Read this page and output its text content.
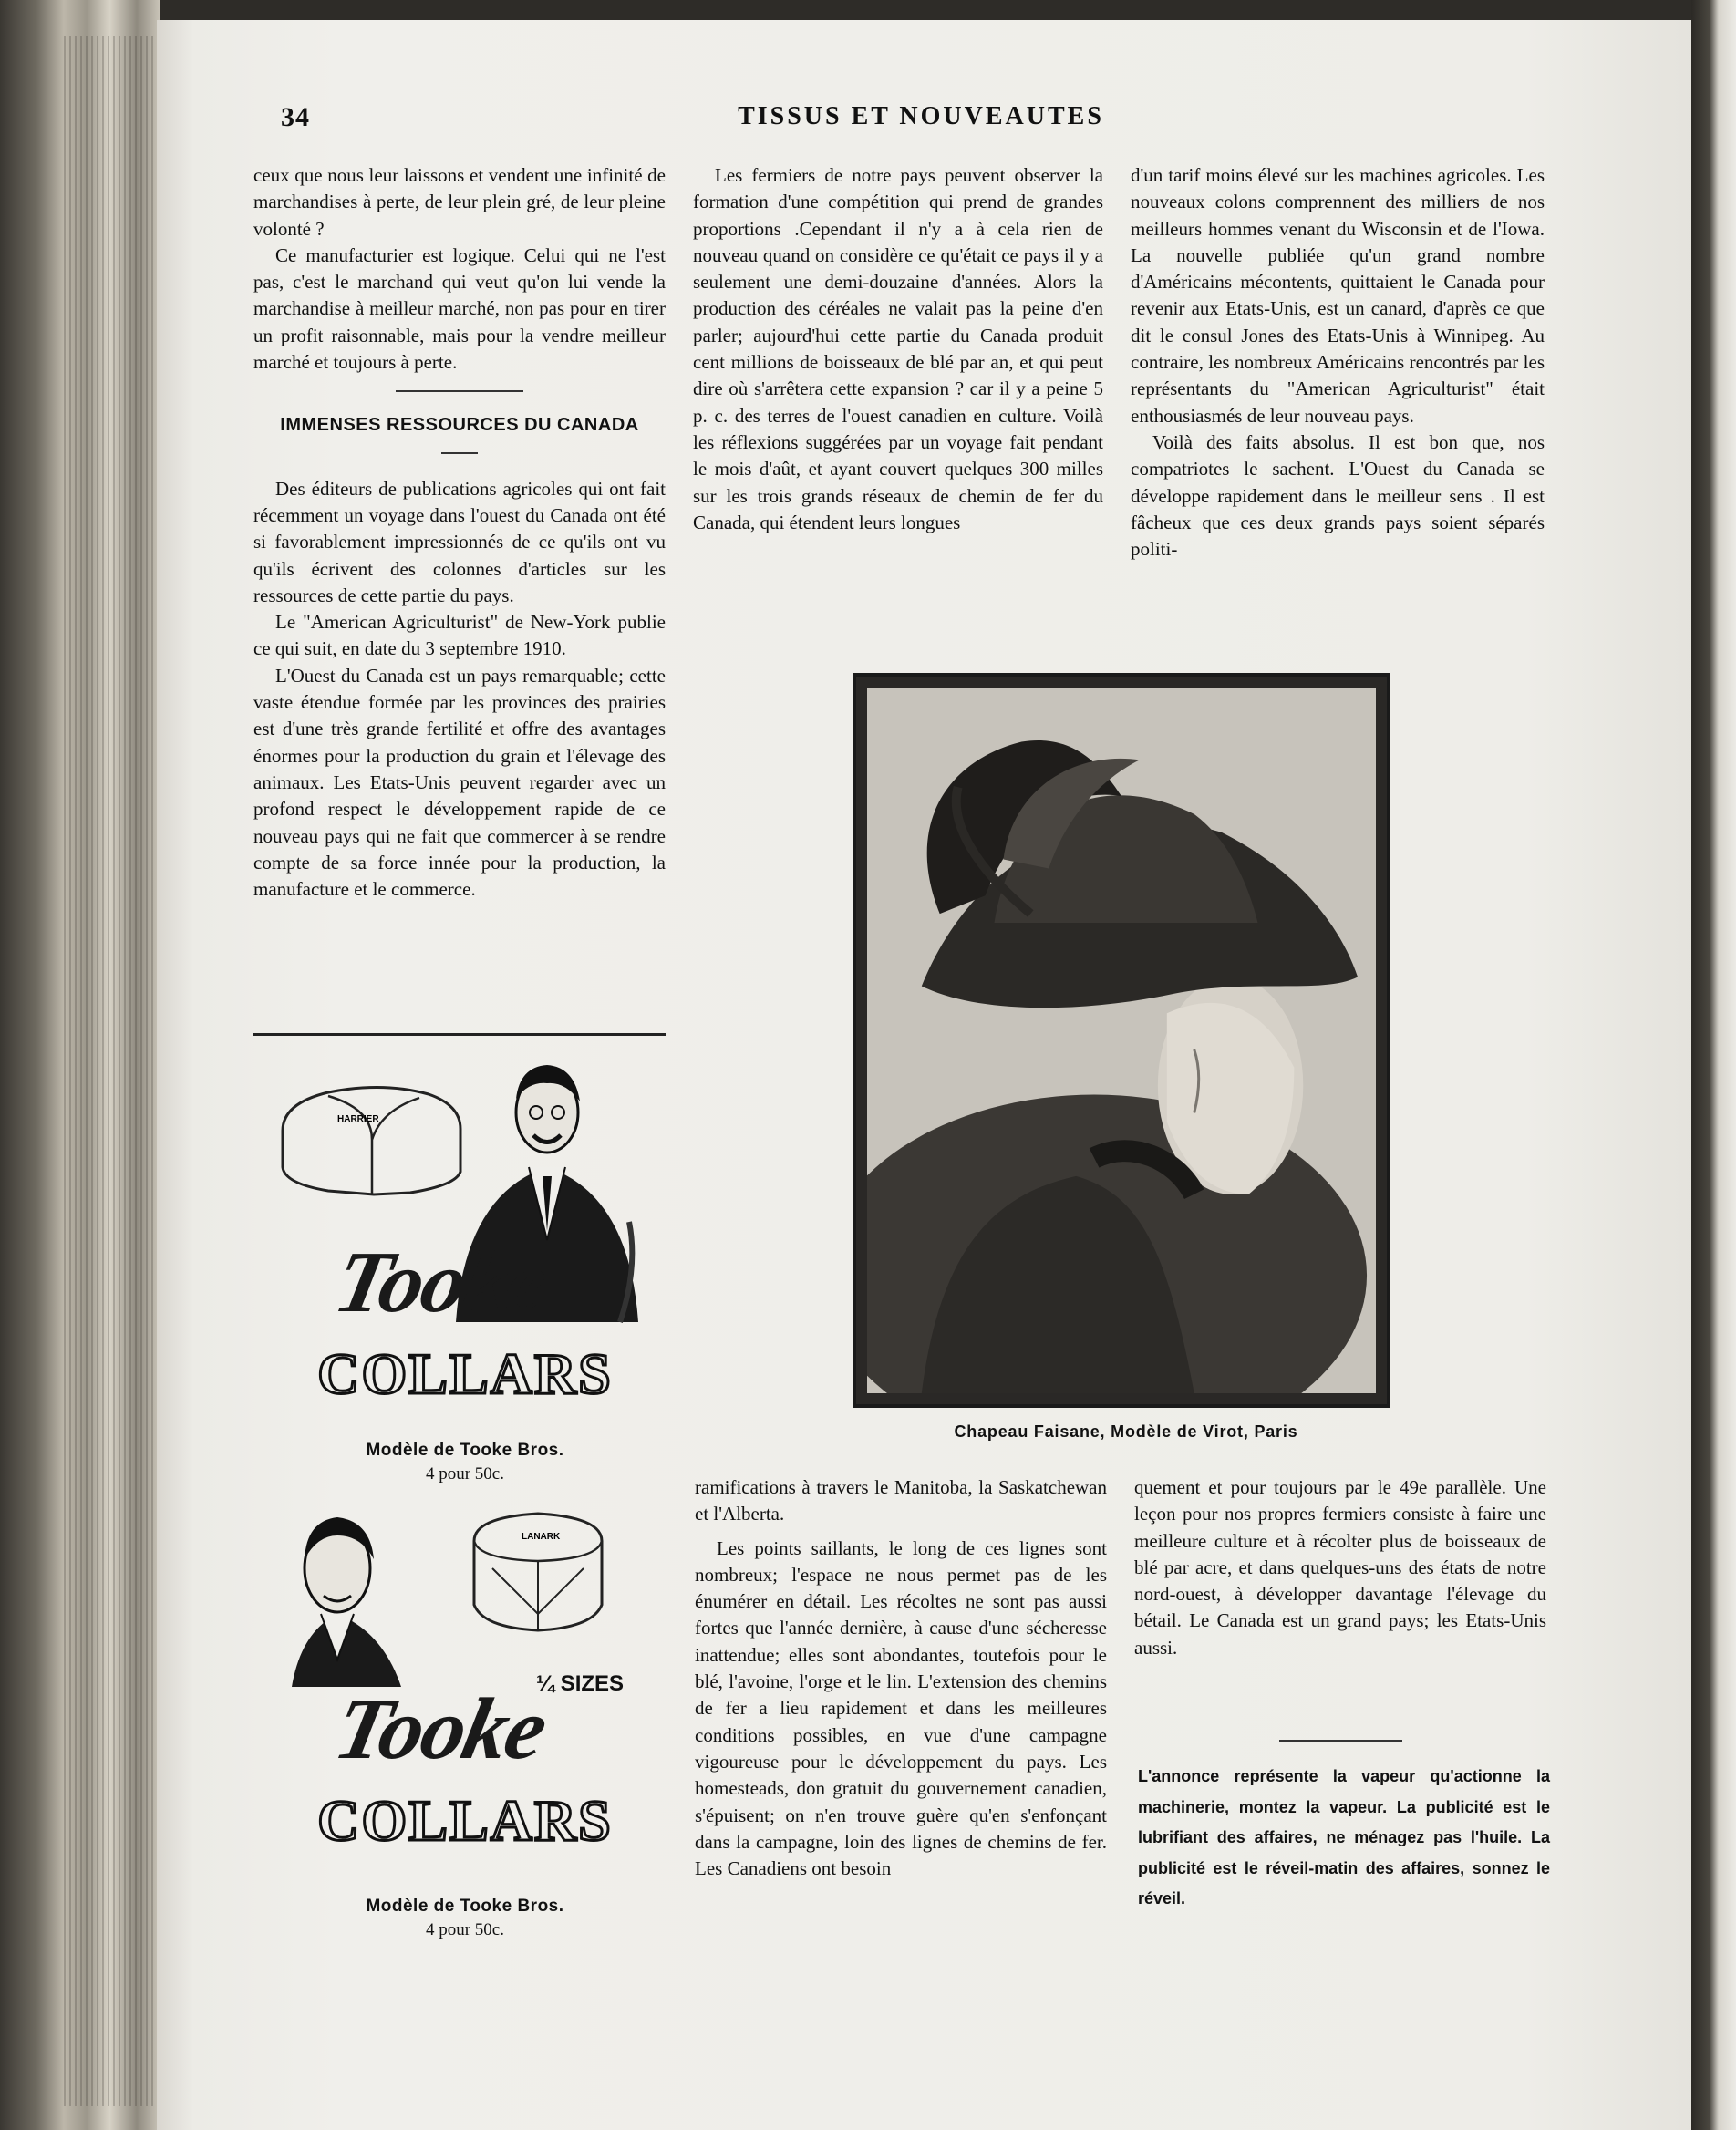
34	TISSUS ET NOUVEAUTES

ceux que nous leur laissons et vendent une infinité de marchandises à perte, de leur plein gré, de leur pleine volonté ?

Ce manufacturier est logique. Celui qui ne l'est pas, c'est le marchand qui veut qu'on lui vende la marchandise à meilleur marché, non pas pour en tirer un profit raisonnable, mais pour la vendre meilleur marché et toujours à perte.

IMMENSES RESSOURCES DU CANADA

Des éditeurs de publications agricoles qui ont fait récemment un voyage dans l'ouest du Canada ont été si favorablement impressionnés de ce qu'ils ont vu qu'ils écrivent des colonnes d'articles sur les ressources de cette partie du pays.

Le "American Agriculturist" de New-York publie ce qui suit, en date du 3 septembre 1910.

L'Ouest du Canada est un pays remarquable; cette vaste étendue formée par les provinces des prairies est d'une très grande fertilité et offre des avantages énormes pour la production du grain et l'élevage des animaux. Les Etats-Unis peuvent regarder avec un profond respect le développement rapide de ce nouveau pays qui ne fait que commercer à se rendre compte de sa force innée pour la production, la manufacture et le commerce.

Les fermiers de notre pays peuvent observer la formation d'une compétition qui prend de grandes proportions .Cependant il n'y a à cela rien de nouveau quand on considère ce qu'était ce pays il y a seulement une demi-douzaine d'années. Alors la production des céréales ne valait pas la peine d'en parler; aujourd'hui cette partie du Canada produit cent millions de boisseaux de blé par an, et qui peut dire où s'arrêtera cette expansion ? car il y a peine 5 p. c. des terres de l'ouest canadien en culture. Voilà les réflexions suggérées par un voyage fait pendant le mois d'aût, et ayant couvert quelques 300 milles sur les trois grands réseaux de chemin de fer du Canada, qui étendent leurs longues

d'un tarif moins élevé sur les machines agricoles. Les nouveaux colons comprennent des milliers de nos meilleurs hommes venant du Wisconsin et de l'Iowa. La nouvelle publiée qu'un grand nombre d'Américains mécontents, quittaient le Canada pour revenir aux Etats-Unis, est un canard, d'après ce que dit le consul Jones des Etats-Unis à Winnipeg. Au contraire, les nombreux Américains rencontrés par les représentants du "American Agriculturist" était enthousiasmés de leur nouveau pays.

Voilà des faits absolus. Il est bon que, nos compatriotes le sachent. L'Ouest du Canada se développe rapidement dans le meilleur sens . Il est fâcheux que ces deux grands pays soient séparés politi-

Chapeau Faisane, Modèle de Virot, Paris

ramifications à travers le Manitoba, la Saskatchewan et l'Alberta.

Les points saillants, le long de ces lignes sont nombreux; l'espace ne nous permet pas de les énumérer en détail. Les récoltes ne sont pas aussi fortes que l'année dernière, à cause d'une sécheresse inattendue; elles sont abondantes, toutefois pour le blé, l'avoine, l'orge et le lin. L'extension des chemins de fer a lieu rapidement et dans les meilleures conditions possibles, en vue d'une campagne vigoureuse pour le développement du pays. Les homesteads, don gratuit du gouvernement canadien, s'épuisent; on n'en trouve guère qu'en s'enfonçant dans la campagne, loin des lignes de chemins de fer. Les Canadiens ont besoin

quement et pour toujours par le 49e parallèle. Une leçon pour nos propres fermiers consiste à faire une meilleure culture et à récolter plus de boisseaux de blé par acre, et dans quelques-uns des états de notre nord-ouest, à développer davantage l'élevage du bétail. Le Canada est un grand pays; les Etats-Unis aussi.

L'annonce représente la vapeur qu'actionne la machinerie, montez la vapeur. La publicité est le lubrifiant des affaires, ne ménagez pas l'huile. La publicité est le réveil-matin des affaires, sonnez le réveil.
HARRIER
Tooke
COLLARS
Modèle de Tooke Bros.
4 pour 50c.
LANARK
Tooke
COLLARS
¼ SIZES
Modèle de Tooke Bros.
4 pour 50c.
